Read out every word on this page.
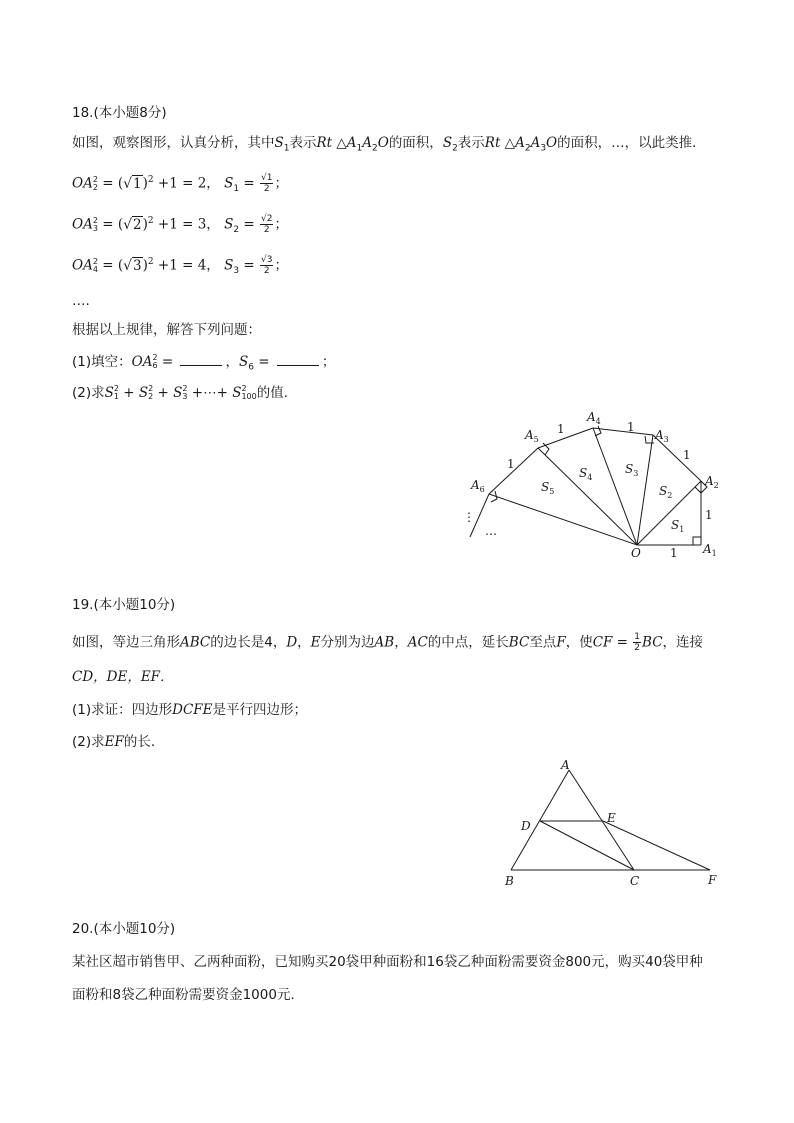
18.(本小题8分)
如图，观察图形，认真分析，其中$S_1$表示Rt $\triangle A_1A_2O$的面积，$S_2$表示Rt $\triangle A_2A_3O$的面积，…，以此类推．
OA 2
$2 = (√1)^2 +1 = 2$， $S_1 = \frac{√1}{2}$ ；
OA 2
$3 = (√2)^2 +1 = 3$， $S_2 = \frac{√2}{2}$ ；
OA 2
$4 = (√3)^2 +1 = 4$， $S_3 = \frac{√3}{2}$ ；
….
根据以上规律，解答下列问题：
(1)填空：OA 2
6 =	，$S_6$ =	；
(2)求S 2
1 + S 2
2 + S 2
3 +⋯+ S 2
100 的值．
$A_2$
$A_1$
O
$A_3$
$A_4$
$A_5$
$A_6$
$S_1$
$S_2$
$S_3$
$S_4$
$S_5$
1
1
1
1
1
1
…
⋮
19.(本小题10分)
如图，等边三角形ABC的边长是4，D，E分别为边AB，AC的中点，延长BC至点F，使CF = $\frac{1}{2}$ BC，连接
CD，DE，EF．
(1)求证：四边形DCFE是平行四边形；
(2)求EF的长．
A
B	C
D
E
F
20.(本小题10分)
某社区超市销售甲、乙两种面粉，已知购买20袋甲种面粉和16袋乙种面粉需要资金800元，购买40袋甲种
面粉和8袋乙种面粉需要资金1000元．
